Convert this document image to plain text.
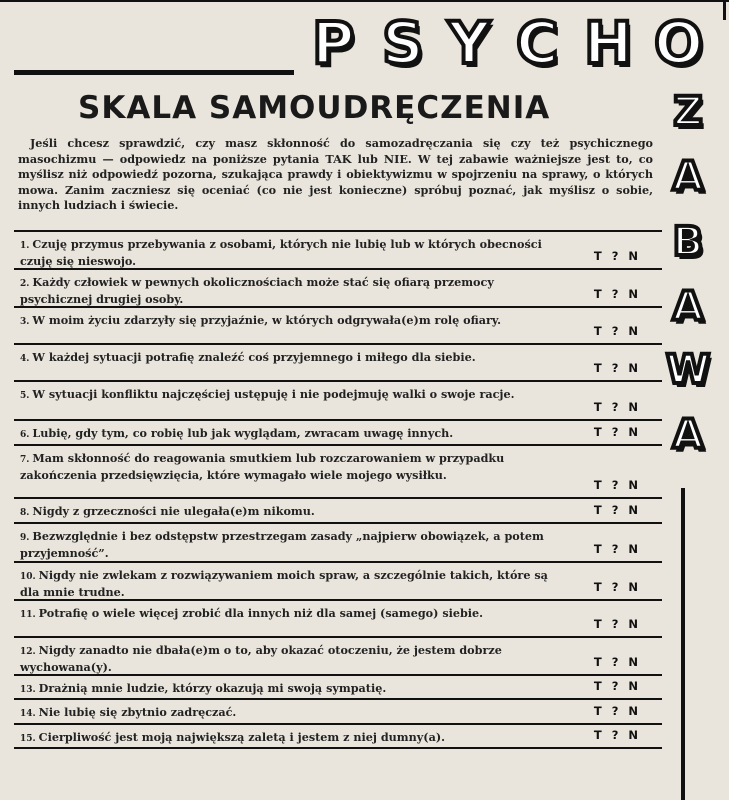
P S Y C H O
Z
A
B
A
W
A
SKALA SAMOUDRĘCZENIA

Jeśli chcesz sprawdzić, czy masz skłonność do samozadręczania się czy też psychicznego masochizmu — odpowiedz na poniższe pytania TAK lub NIE. W tej zabawie ważniejsze jest to, co myślisz niż odpowiedź pozorna, szukająca prawdy i obiektywizmu w spojrzeniu na sprawy, o których mowa. Zanim zaczniesz się oceniać (co nie jest konieczne) spróbuj poznać, jak myślisz o sobie, innych ludziach i świecie.

1. Czuję przymus przebywania z osobami, których nie lubię lub w których obecności czuję się nieswojo.	T ? N
2. Każdy człowiek w pewnych okolicznościach może stać się ofiarą przemocy psychicznej drugiej osoby.	T ? N
3. W moim życiu zdarzyły się przyjaźnie, w których odgrywała(e)m rolę ofiary.
T ? N
4. W każdej sytuacji potrafię znaleźć coś przyjemnego i miłego dla siebie.
T ? N
5. W sytuacji konfliktu najczęściej ustępuję i nie podejmuję walki o swoje racje.
T ? N
6. Lubię, gdy tym, co robię lub jak wyglądam, zwracam uwagę innych.	T ? N
7. Mam skłonność do reagowania smutkiem lub rozczarowaniem w przypadku zakończenia przedsięwzięcia, które wymagało wiele mojego wysiłku.
T ? N
8. Nigdy z grzeczności nie ulegała(e)m nikomu.	T ? N
9. Bezwzględnie i bez odstępstw przestrzegam zasady „najpierw obowiązek, a potem przyjemność”.	T ? N
10. Nigdy nie zwlekam z rozwiązywaniem moich spraw, a szczególnie takich, które są dla mnie trudne.	T ? N
11. Potrafię o wiele więcej zrobić dla innych niż dla samej (samego) siebie.
T ? N
12. Nigdy zanadto nie dbała(e)m o to, aby okazać otoczeniu, że jestem dobrze wychowana(y).	T ? N
13. Drażnią mnie ludzie, którzy okazują mi swoją sympatię.	T ? N
14. Nie lubię się zbytnio zadręczać.	T ? N
15. Cierpliwość jest moją największą zaletą i jestem z niej dumny(a).	T ? N
